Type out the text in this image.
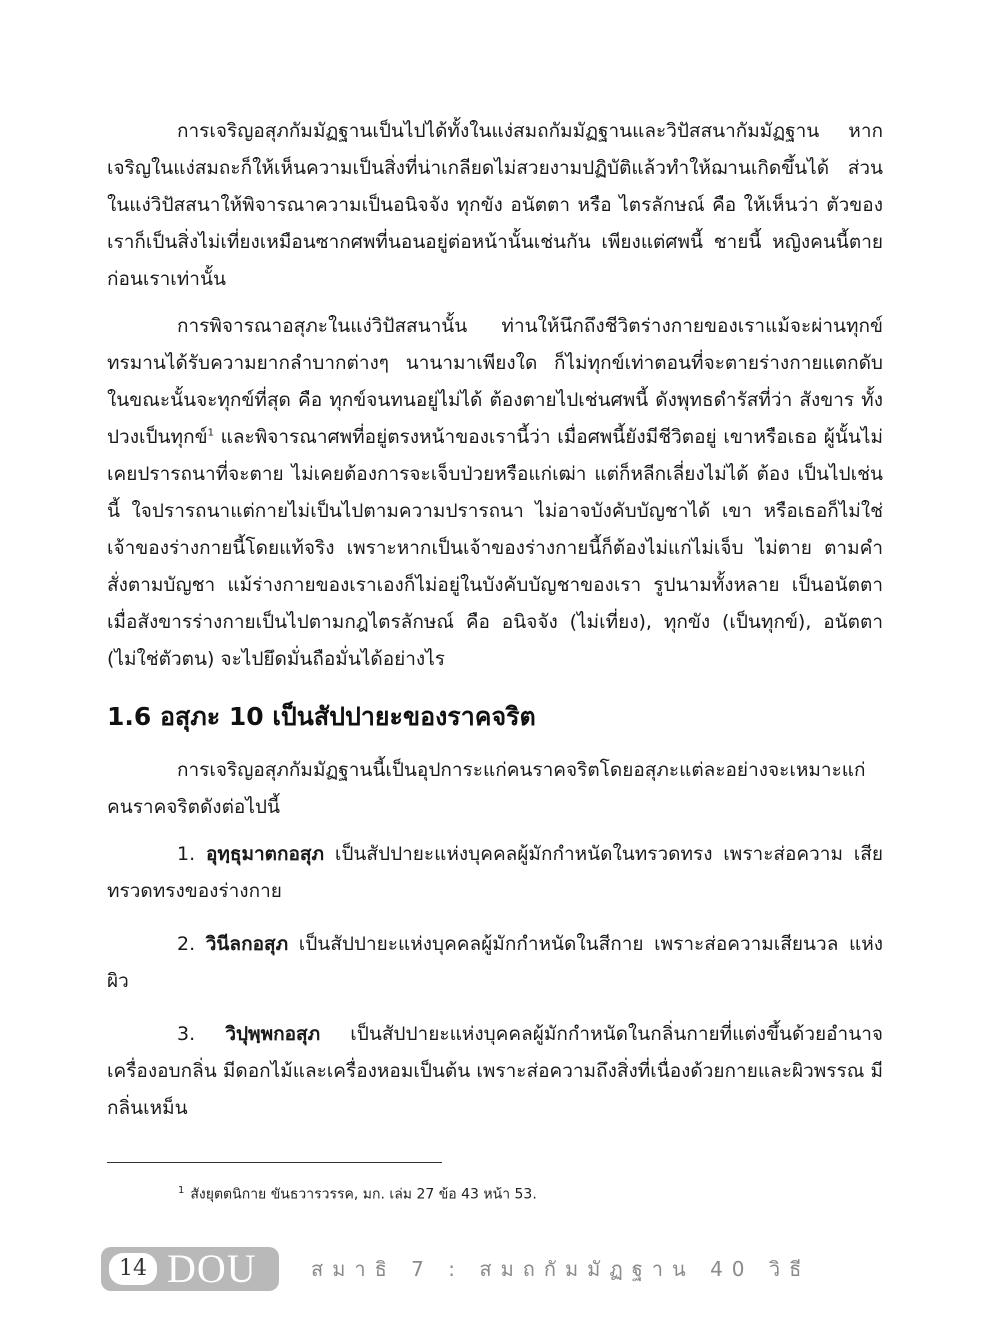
การเจริญอสุภกัมมัฏฐานเป็นไปได้ทั้งในแง่สมถกัมมัฏฐานและวิปัสสนากัมมัฏฐาน หากเจริญในแง่สมถะก็ให้เห็นความเป็นสิ่งที่น่าเกลียดไม่สวยงามปฏิบัติแล้วทำให้ฌานเกิดขึ้นได้ ส่วนในแง่วิปัสสนาให้พิจารณาความเป็นอนิจจัง ทุกขัง อนัตตา หรือ ไตรลักษณ์ คือ ให้เห็นว่า ตัวของเราก็เป็นสิ่งไม่เที่ยงเหมือนซากศพที่นอนอยู่ต่อหน้านั้นเช่นกัน เพียงแต่ศพนี้ ชายนี้ หญิงคนนี้ตายก่อนเราเท่านั้น

การพิจารณาอสุภะในแง่วิปัสสนานั้น ท่านให้นึกถึงชีวิตร่างกายของเราแม้จะผ่านทุกข์ ทรมานได้รับความยากลำบากต่างๆ นานามาเพียงใด ก็ไม่ทุกข์เท่าตอนที่จะตายร่างกายแตกดับ ในขณะนั้นจะทุกข์ที่สุด คือ ทุกข์จนทนอยู่ไม่ได้ ต้องตายไปเช่นศพนี้ ดังพุทธดำรัสที่ว่า สังขาร ทั้งปวงเป็นทุกข์$^1$ และพิจารณาศพที่อยู่ตรงหน้าของเรานี้ว่า เมื่อศพนี้ยังมีชีวิตอยู่ เขาหรือเธอ ผู้นั้นไม่เคยปรารถนาที่จะตาย ไม่เคยต้องการจะเจ็บป่วยหรือแก่เฒ่า แต่ก็หลีกเลี่ยงไม่ได้ ต้อง เป็นไปเช่นนี้ ใจปรารถนาแต่กายไม่เป็นไปตามความปรารถนา ไม่อาจบังคับบัญชาได้ เขา หรือเธอก็ไม่ใช่เจ้าของร่างกายนี้โดยแท้จริง เพราะหากเป็นเจ้าของร่างกายนี้ก็ต้องไม่แก่ไม่เจ็บ ไม่ตาย ตามคำสั่งตามบัญชา แม้ร่างกายของเราเองก็ไม่อยู่ในบังคับบัญชาของเรา รูปนามทั้งหลาย เป็นอนัตตา เมื่อสังขารร่างกายเป็นไปตามกฎไตรลักษณ์ คือ อนิจจัง (ไม่เที่ยง), ทุกขัง (เป็นทุกข์), อนัตตา (ไม่ใช่ตัวตน) จะไปยึดมั่นถือมั่นได้อย่างไร

1.6 อสุภะ 10 เป็นสัปปายะของราคจริต

การเจริญอสุภกัมมัฏฐานนี้เป็นอุปการะแก่คนราคจริตโดยอสุภะแต่ละอย่างจะเหมาะแก่ คนราคจริตดังต่อไปนี้

1. อุทฺธุมาตกอสุภ เป็นสัปปายะแห่งบุคคลผู้มักกำหนัดในทรวดทรง เพราะส่อความ เสียทรวดทรงของร่างกาย

2. วินีลกอสุภ เป็นสัปปายะแห่งบุคคลผู้มักกำหนัดในสีกาย เพราะส่อความเสียนวล แห่งผิว

3. วิปุพฺพกอสุภ เป็นสัปปายะแห่งบุคคลผู้มักกำหนัดในกลิ่นกายที่แต่งขึ้นด้วยอำนาจ เครื่องอบกลิ่น มีดอกไม้และเครื่องหอมเป็นต้น เพราะส่อความถึงสิ่งที่เนื่องด้วยกายและผิวพรรณ มีกลิ่นเหม็น

$^1$ สังยุตตนิกาย ขันธวารวรรค, มก. เล่ม 27 ข้อ 43 หน้า 53.
14 DOU	สมาธิ 7 : สมถกัมมัฏฐาน 40 วิธี
